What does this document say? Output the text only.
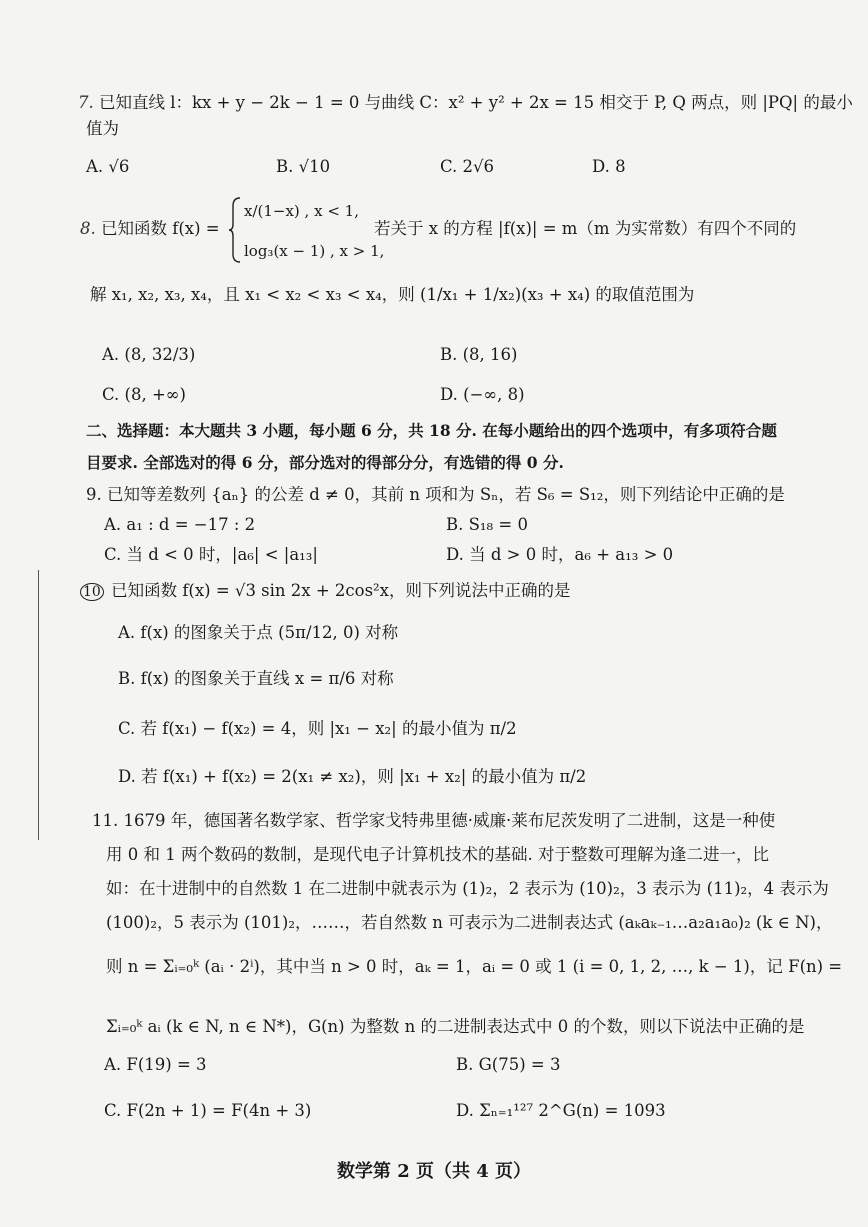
7. 已知直线 l：kx + y − 2k − 1 = 0 与曲线 C：x² + y² + 2x = 15 相交于 P, Q 两点，则 |PQ| 的最小
值为
A. √6	B. √10	C. 2√6	D. 8
8. 已知函数 f(x) =
x/(1−x) , x < 1,
log₃(x − 1) , x > 1,
若关于 x 的方程 |f(x)| = m（m 为实常数）有四个不同的
解 x₁, x₂, x₃, x₄，且 x₁ < x₂ < x₃ < x₄，则 (1/x₁ + 1/x₂)(x₃ + x₄) 的取值范围为
A. (8, 32/3)	B. (8, 16)
C. (8, +∞)	D. (−∞, 8)
二、选择题：本大题共 3 小题，每小题 6 分，共 18 分. 在每小题给出的四个选项中，有多项符合题
目要求. 全部选对的得 6 分，部分选对的得部分分，有选错的得 0 分.
9. 已知等差数列 {aₙ} 的公差 d ≠ 0，其前 n 项和为 Sₙ，若 S₆ = S₁₂，则下列结论中正确的是
A. a₁ : d = −17 : 2	B. S₁₈ = 0
C. 当 d < 0 时，|a₆| < |a₁₃|	D. 当 d > 0 时，a₆ + a₁₃ > 0
10 已知函数 f(x) = √3 sin 2x + 2cos²x，则下列说法中正确的是
A. f(x) 的图象关于点 (5π/12, 0) 对称
B. f(x) 的图象关于直线 x = π/6 对称
C. 若 f(x₁) − f(x₂) = 4，则 |x₁ − x₂| 的最小值为 π/2
D. 若 f(x₁) + f(x₂) = 2(x₁ ≠ x₂)，则 |x₁ + x₂| 的最小值为 π/2
11. 1679 年，德国著名数学家、哲学家戈特弗里德·威廉·莱布尼茨发明了二进制，这是一种使
用 0 和 1 两个数码的数制，是现代电子计算机技术的基础. 对于整数可理解为逢二进一，比
如：在十进制中的自然数 1 在二进制中就表示为 (1)₂，2 表示为 (10)₂，3 表示为 (11)₂，4 表示为
(100)₂，5 表示为 (101)₂，……，若自然数 n 可表示为二进制表达式 (aₖaₖ₋₁…a₂a₁a₀)₂ (k ∈ N)，
则 n = Σᵢ₌₀ᵏ (aᵢ · 2ⁱ)，其中当 n > 0 时，aₖ = 1，aᵢ = 0 或 1 (i = 0, 1, 2, …, k − 1)，记 F(n) =
Σᵢ₌₀ᵏ aᵢ (k ∈ N, n ∈ N*)，G(n) 为整数 n 的二进制表达式中 0 的个数，则以下说法中正确的是
A. F(19) = 3	B. G(75) = 3
C. F(2n + 1) = F(4n + 3)	D. Σₙ₌₁¹²⁷ 2^G(n) = 1093
数学第 2 页（共 4 页）
